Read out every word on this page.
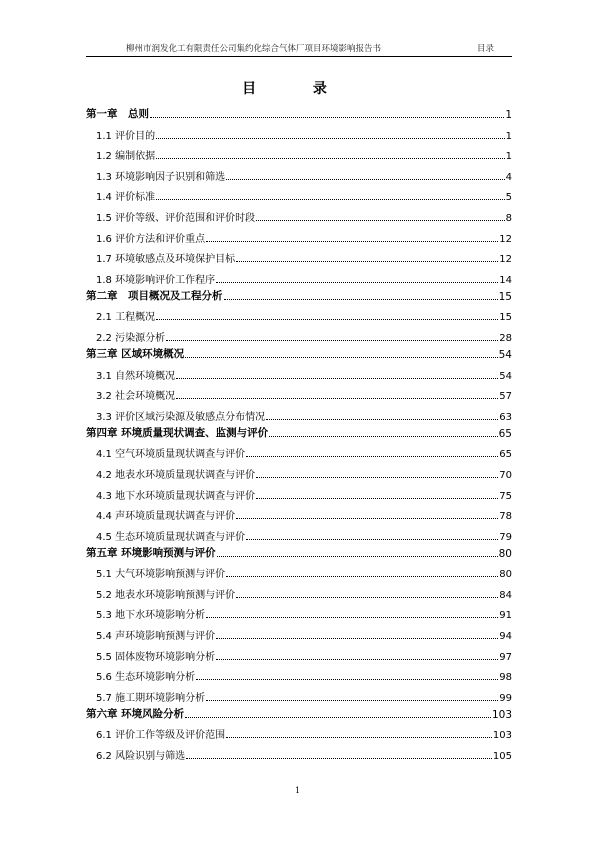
柳州市润发化工有限责任公司集约化综合气体厂项目环境影响报告书	目录
目 录
第一章　总则	1
1.1 评价目的	1
1.2 编制依据	1
1.3 环境影响因子识别和筛选	4
1.4 评价标准	5
1.5 评价等级、评价范围和评价时段	8
1.6 评价方法和评价重点	12
1.7 环境敏感点及环境保护目标	12
1.8 环境影响评价工作程序	14
第二章　项目概况及工程分析	15
2.1 工程概况	15
2.2 污染源分析	28
第三章 区域环境概况	54
3.1 自然环境概况	54
3.2 社会环境概况	57
3.3 评价区域污染源及敏感点分布情况	63
第四章 环境质量现状调查、监测与评价	65
4.1 空气环境质量现状调查与评价	65
4.2 地表水环境质量现状调查与评价	70
4.3 地下水环境质量现状调查与评价	75
4.4 声环境质量现状调查与评价	78
4.5 生态环境质量现状调查与评价	79
第五章 环境影响预测与评价	80
5.1 大气环境影响预测与评价	80
5.2 地表水环境影响预测与评价	84
5.3 地下水环境影响分析	91
5.4 声环境影响预测与评价	94
5.5 固体废物环境影响分析	97
5.6 生态环境影响分析	98
5.7 施工期环境影响分析	99
第六章 环境风险分析	103
6.1 评价工作等级及评价范围	103
6.2 风险识别与筛选	105
1
